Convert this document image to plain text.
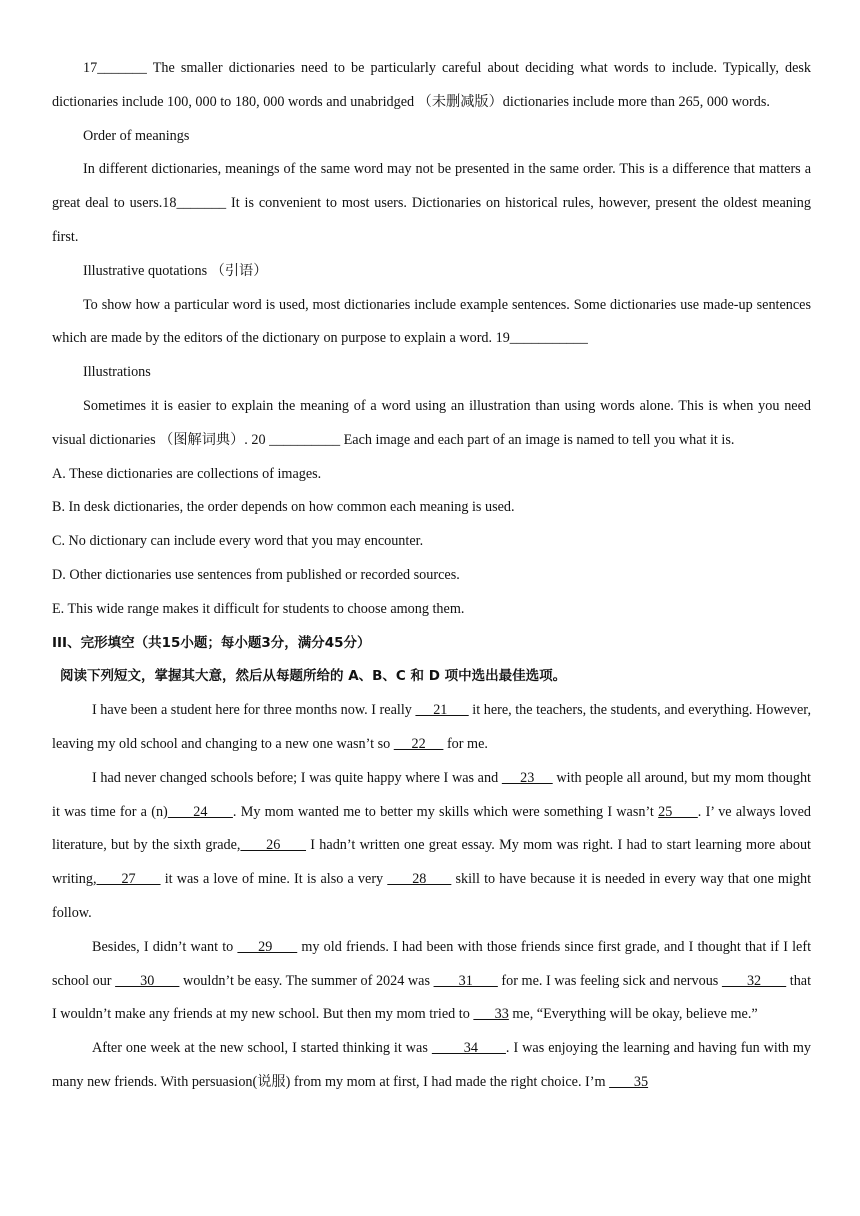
17_______ The smaller dictionaries need to be particularly careful about deciding what words to include. Typically, desk dictionaries include 100, 000 to 180, 000 words and unabridged （未删减版）dictionaries include more than 265, 000 words.

Order of meanings

In different dictionaries, meanings of the same word may not be presented in the same order. This is a difference that matters a great deal to users.18_______ It is convenient to most users. Dictionaries on historical rules, however, present the oldest meaning first.

Illustrative quotations （引语）

To show how a particular word is used, most dictionaries include example sentences. Some dictionaries use made-up sentences which are made by the editors of the dictionary on purpose to explain a word. 19___________

Illustrations

Sometimes it is easier to explain the meaning of a word using an illustration than using words alone. This is when you need visual dictionaries （图解词典）. 20 __________ Each image and each part of an image is named to tell you what it is.

A. These dictionaries are collections of images.

B. In desk dictionaries, the order depends on how common each meaning is used.

C. No dictionary can include every word that you may encounter.

D. Other dictionaries use sentences from published or recorded sources.

E. This wide range makes it difficult for students to choose among them.

III、完形填空（共15小题；每小题3分，满分45分）

阅读下列短文，掌握其大意，然后从每题所给的 A、B、C 和 D 项中选出最佳选项。

I have been a student here for three months now. I really      21       it here, the teachers, the students, and everything. However, leaving my old school and changing to a new one wasn’t so      22      for me.

I had never changed schools before; I was quite happy where I was and      23      with people all around, but my mom thought it was time for a (n)      24      . My mom wanted me to better my skills which were something I wasn’t 25      . I’ ve always loved literature, but by the sixth grade,      26       I hadn’t written one great essay. My mom was right. I had to start learning more about writing,      27       it was a love of mine. It is also a very       28       skill to have because it is needed in every way that one might follow.

Besides, I didn’t want to      29       my old friends. I had been with those friends since first grade, and I thought that if I left school our        30        wouldn’t be easy. The summer of 2024 was        31        for me. I was feeling sick and nervous        32        that I wouldn’t make any friends at my new school. But then my mom tried to       33 me, “Everything will be okay, believe me.”

After one week at the new school, I started thinking it was         34       . I was enjoying the learning and having fun with my many new friends. With persuasion(说服) from my mom at first, I had made the right choice. I’m        35
